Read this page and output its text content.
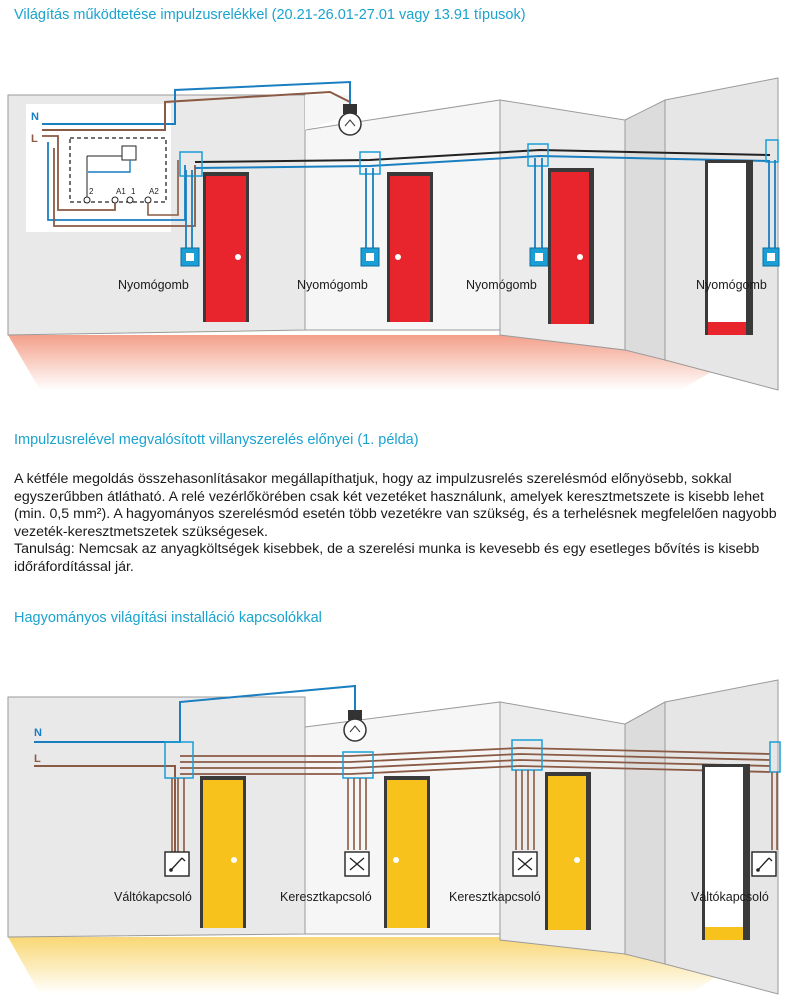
Világítás működtetése impulzusrelékkel (20.21-26.01-27.01 vagy 13.91 típusok)
2	A1 1 A2
N
L
Nyomógomb	Nyomógomb	Nyomógomb	Nyomógomb
Impulzusrelével megvalósított villanyszerelés előnyei (1. példa)

A kétféle megoldás összehasonlításakor megállapíthatjuk, hogy az impulzusrelés szerelésmód előnyösebb, sokkal egyszerűbben átlátható. A relé vezérlőkörében csak két vezetéket használunk, amelyek keresztmetszete is kisebb lehet (min. 0,5 mm²). A hagyományos szerelésmód esetén több vezetékre van szükség, és a terhelésnek megfelelően nagyobb vezeték-keresztmetszetek szükségesek.

Tanulság: Nemcsak az anyagköltségek kisebbek, de a szerelési munka is kevesebb és egy esetleges bővítés is kisebb időráfordítással jár.

Hagyományos világítási installáció kapcsolókkal
N
L
Váltókapcsoló	Keresztkapcsoló	Keresztkapcsoló	Váltókapcsoló
